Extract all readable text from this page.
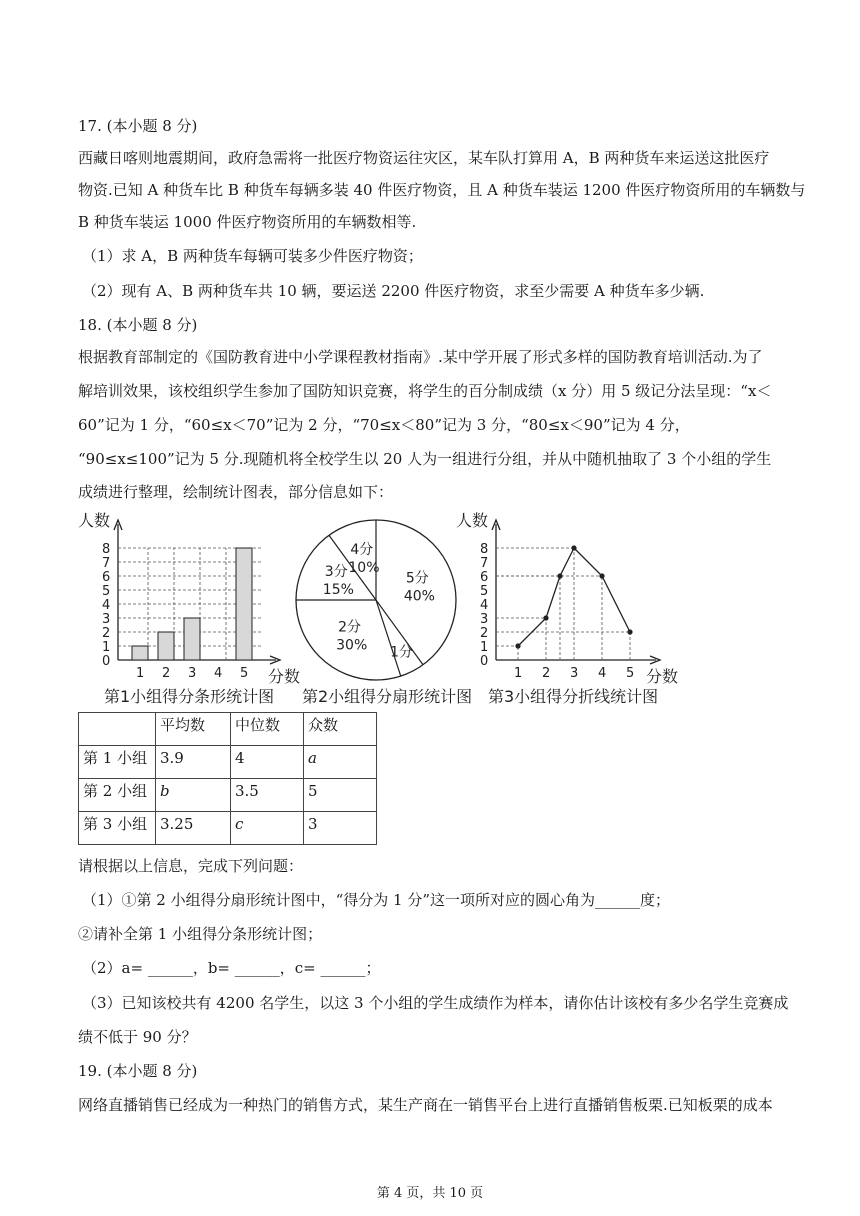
17. (本小题 8 分)
西藏日喀则地震期间，政府急需将一批医疗物资运往灾区，某车队打算用 A，B 两种货车来运送这批医疗
物资.已知 A 种货车比 B 种货车每辆多装 40 件医疗物资，且 A 种货车装运 1200 件医疗物资所用的车辆数与
B 种货车装运 1000 件医疗物资所用的车辆数相等.
（1）求 A，B 两种货车每辆可装多少件医疗物资；
（2）现有 A、B 两种货车共 10 辆，要运送 2200 件医疗物资，求至少需要 A 种货车多少辆.
18. (本小题 8 分)
根据教育部制定的《国防教育进中小学课程教材指南》.某中学开展了形式多样的国防教育培训活动.为了
解培训效果，该校组织学生参加了国防知识竞赛，将学生的百分制成绩（x 分）用 5 级记分法呈现：“x＜
60”记为 1 分，“60≤x＜70”记为 2 分，“70≤x＜80”记为 3 分，“80≤x＜90”记为 4 分，
“90≤x≤100”记为 5 分.现随机将全校学生以 20 人为一组进行分组，并从中随机抽取了 3 个小组的学生
成绩进行整理，绘制统计图表，部分信息如下：
人数
分数
第1小组得分条形统计图
0
1
2
3
4
5
6
7
8
1 2 3 4 5
第2小组得分扇形统计图
5分
40%
1分
2分
30%
3分
15%
4分
10%
人数
分数
第3小组得分折线统计图
0
1
2
3
4
5
6
7
8
1 2 3 4 5
	平均数	中位数	众数
第 1 小组	3.9	4	a
第 2 小组	b	3.5	5
第 3 小组	3.25	c	3
请根据以上信息，完成下列问题：
（1）①第 2 小组得分扇形统计图中，“得分为 1 分”这一项所对应的圆心角为______度；
②请补全第 1 小组得分条形统计图；
（2）a= ______，b= ______，c= ______；
（3）已知该校共有 4200 名学生，以这 3 个小组的学生成绩作为样本，请你估计该校有多少名学生竞赛成
绩不低于 90 分？
19. (本小题 8 分)
网络直播销售已经成为一种热门的销售方式，某生产商在一销售平台上进行直播销售板栗.已知板栗的成本
第 4 页，共 10 页
